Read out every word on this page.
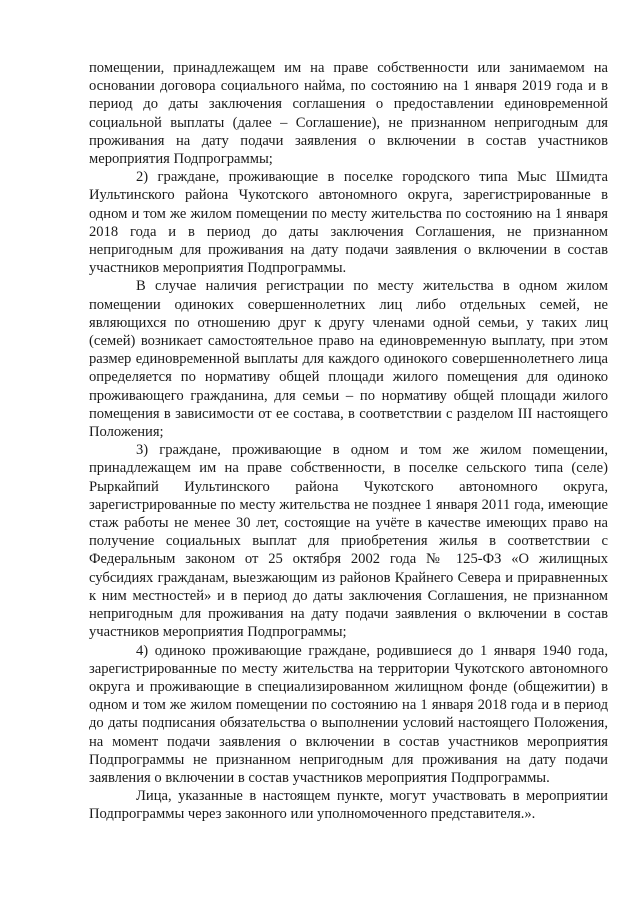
помещении, принадлежащем им на праве собственности или занимаемом на основании договора социального найма, по состоянию на 1 января 2019 года и в период до даты заключения соглашения о предоставлении единовременной социальной выплаты (далее – Соглашение), не признанном непригодным для проживания на дату подачи заявления о включении в состав участников мероприятия Подпрограммы;

2) граждане, проживающие в поселке городского типа Мыс Шмидта Иультинского района Чукотского автономного округа, зарегистрированные в одном и том же жилом помещении по месту жительства по состоянию на 1 января 2018 года и в период до даты заключения Соглашения, не признанном непригодным для проживания на дату подачи заявления о включении в состав участников мероприятия Подпрограммы.

В случае наличия регистрации по месту жительства в одном жилом помещении одиноких совершеннолетних лиц либо отдельных семей, не являющихся по отношению друг к другу членами одной семьи, у таких лиц (семей) возникает самостоятельное право на единовременную выплату, при этом размер единовременной выплаты для каждого одинокого совершеннолетнего лица определяется по нормативу общей площади жилого помещения для одиноко проживающего гражданина, для семьи – по нормативу общей площади жилого помещения в зависимости от ее состава, в соответствии с разделом III настоящего Положения;

3) граждане, проживающие в одном и том же жилом помещении, принадлежащем им на праве собственности, в поселке сельского типа (селе) Рыркайпий Иультинского района Чукотского автономного округа, зарегистрированные по месту жительства не позднее 1 января 2011 года, имеющие стаж работы не менее 30 лет, состоящие на учёте в качестве имеющих право на получение социальных выплат для приобретения жилья в соответствии с Федеральным законом от 25 октября 2002 года № 125-ФЗ «О жилищных субсидиях гражданам, выезжающим из районов Крайнего Севера и приравненных к ним местностей» и в период до даты заключения Соглашения, не признанном непригодным для проживания на дату подачи заявления о включении в состав участников мероприятия Подпрограммы;

4) одиноко проживающие граждане, родившиеся до 1 января 1940 года, зарегистрированные по месту жительства на территории Чукотского автономного округа и проживающие в специализированном жилищном фонде (общежитии) в одном и том же жилом помещении по состоянию на 1 января 2018 года и в период до даты подписания обязательства о выполнении условий настоящего Положения, на момент подачи заявления о включении в состав участников мероприятия Подпрограммы не признанном непригодным для проживания на дату подачи заявления о включении в состав участников мероприятия Подпрограммы.

Лица, указанные в настоящем пункте, могут участвовать в мероприятии Подпрограммы через законного или уполномоченного представителя.».
